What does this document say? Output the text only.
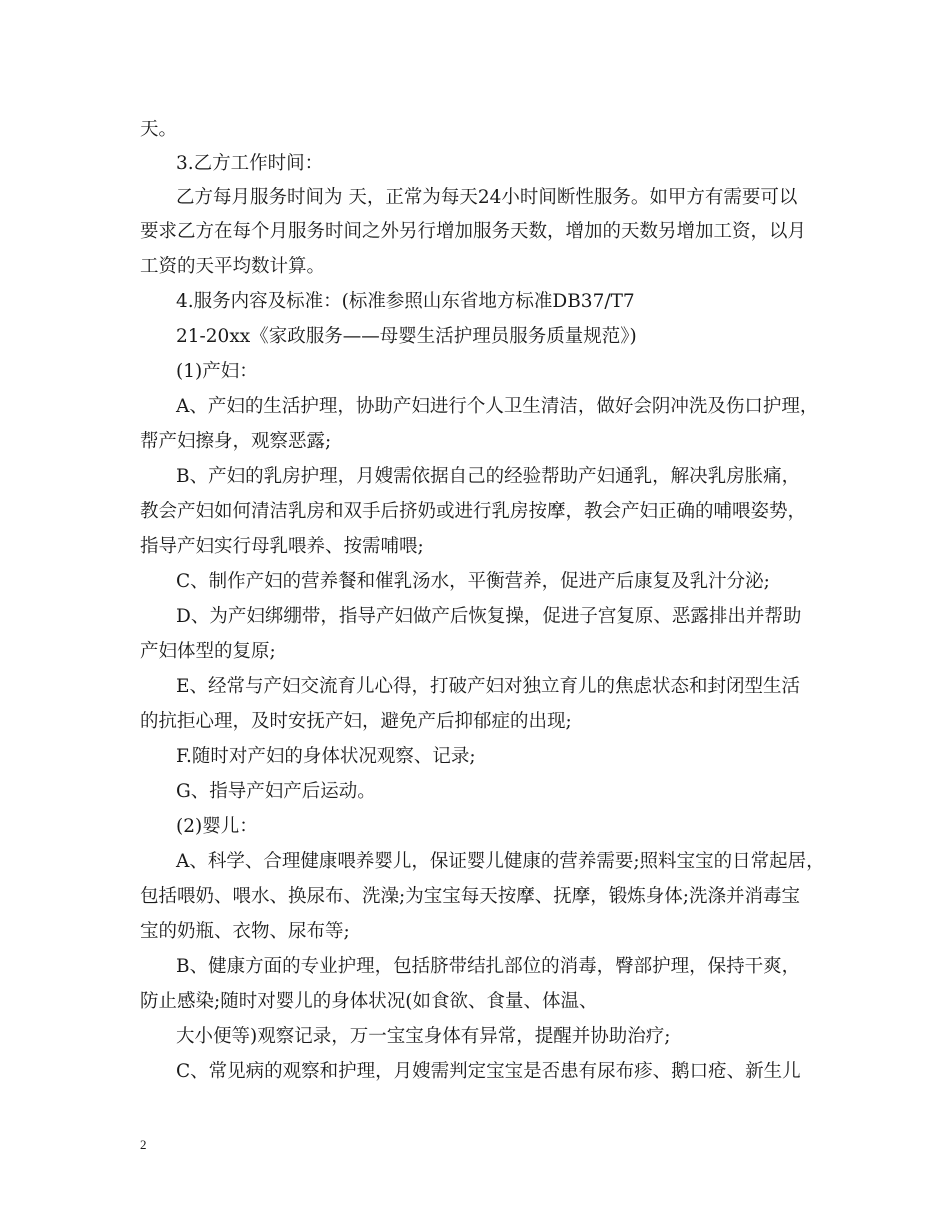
天。
3.乙方工作时间：
乙方每月服务时间为 天，正常为每天24小时间断性服务。如甲方有需要可以
要求乙方在每个月服务时间之外另行增加服务天数，增加的天数另增加工资，以月
工资的天平均数计算。
4.服务内容及标准：(标准参照山东省地方标准DB37/T7
21-20xx《家政服务——母婴生活护理员服务质量规范》)
(1)产妇：
A、产妇的生活护理，协助产妇进行个人卫生清洁，做好会阴冲洗及伤口护理，
帮产妇擦身，观察恶露;
B、产妇的乳房护理，月嫂需依据自己的经验帮助产妇通乳，解决乳房胀痛，
教会产妇如何清洁乳房和双手后挤奶或进行乳房按摩，教会产妇正确的哺喂姿势，
指导产妇实行母乳喂养、按需哺喂;
C、制作产妇的营养餐和催乳汤水，平衡营养，促进产后康复及乳汁分泌;
D、为产妇绑绷带，指导产妇做产后恢复操，促进子宫复原、恶露排出并帮助
产妇体型的复原;
E、经常与产妇交流育儿心得，打破产妇对独立育儿的焦虑状态和封闭型生活
的抗拒心理，及时安抚产妇，避免产后抑郁症的出现;
F.随时对产妇的身体状况观察、记录;
G、指导产妇产后运动。
(2)婴儿：
A、科学、合理健康喂养婴儿，保证婴儿健康的营养需要;照料宝宝的日常起居，
包括喂奶、喂水、换尿布、洗澡;为宝宝每天按摩、抚摩，锻炼身体;洗涤并消毒宝
宝的奶瓶、衣物、尿布等;
B、健康方面的专业护理，包括脐带结扎部位的消毒，臀部护理，保持干爽，
防止感染;随时对婴儿的身体状况(如食欲、食量、体温、
大小便等)观察记录，万一宝宝身体有异常，提醒并协助治疗;
C、常见病的观察和护理，月嫂需判定宝宝是否患有尿布疹、鹅口疮、新生儿
2
